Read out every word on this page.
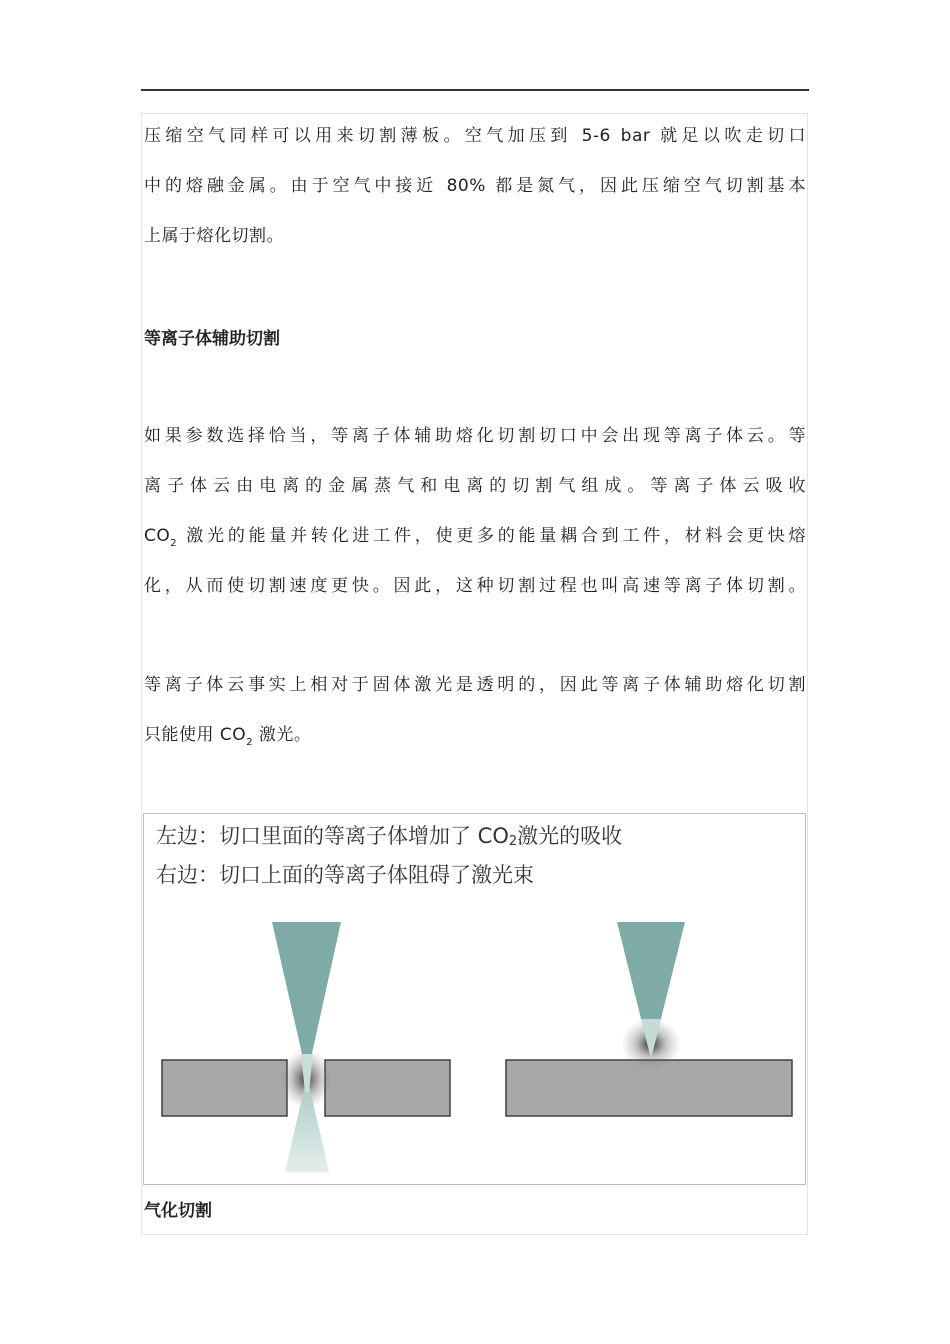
压缩空气同样可以用来切割薄板。空气加压到 5-6 bar 就足以吹走切口
中的熔融金属。由于空气中接近 80% 都是氮气，因此压缩空气切割基本
上属于熔化切割。

等离子体辅助切割

如果参数选择恰当，等离子体辅助熔化切割切口中会出现等离子体云。等
离子体云由电离的金属蒸气和电离的切割气组成。等离子体云吸收
$CO_2$ 激光的能量并转化进工件，使更多的能量耦合到工件，材料会更快熔
化，从而使切割速度更快。因此，这种切割过程也叫高速等离子体切割。

等离子体云事实上相对于固体激光是透明的，因此等离子体辅助熔化切割
只能使用 $CO_2$ 激光。

左边：切口里面的等离子体增加了 $CO_2$激光的吸收
右边：切口上面的等离子体阻碍了激光束
气化切割
